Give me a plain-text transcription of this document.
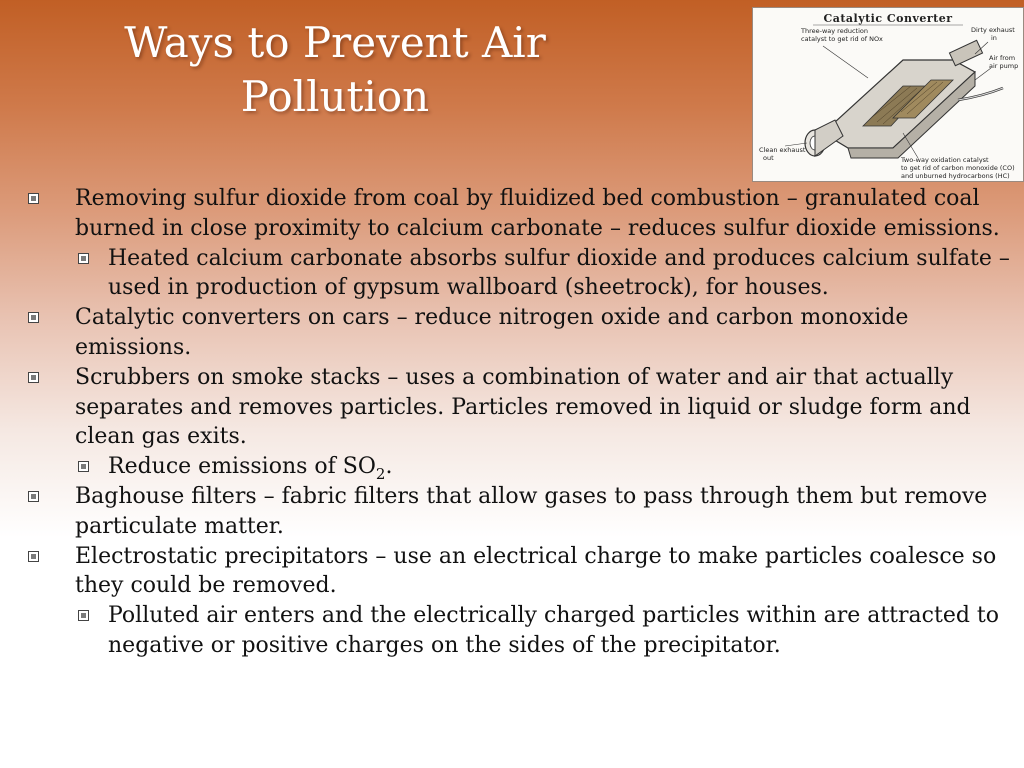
Ways to Prevent Air
Pollution
Catalytic Converter
Three-way reduction
catalyst to get rid of NOx
Dirty exhaust
in
Air from
air pump
Clean exhaust
out	Two-way oxidation catalyst
to get rid of carbon monoxide (CO)
and unburned hydrocarbons (HC)

Removing sulfur dioxide from coal by fluidized bed combustion – granulated coal burned in close proximity to calcium carbonate – reduces sulfur dioxide emissions.

Heated calcium carbonate absorbs sulfur dioxide and produces calcium sulfate – used in production of gypsum wallboard (sheetrock), for houses.

Catalytic converters on cars – reduce nitrogen oxide and carbon monoxide emissions.

Scrubbers on smoke stacks – uses a combination of water and air that actually separates and removes particles. Particles removed in liquid or sludge form and clean gas exits.

Reduce emissions of $SO_2$.

Baghouse filters – fabric filters that allow gases to pass through them but remove particulate matter.

Electrostatic precipitators – use an electrical charge to make particles coalesce so they could be removed.

Polluted air enters and the electrically charged particles within are attracted to negative or positive charges on the sides of the precipitator.
